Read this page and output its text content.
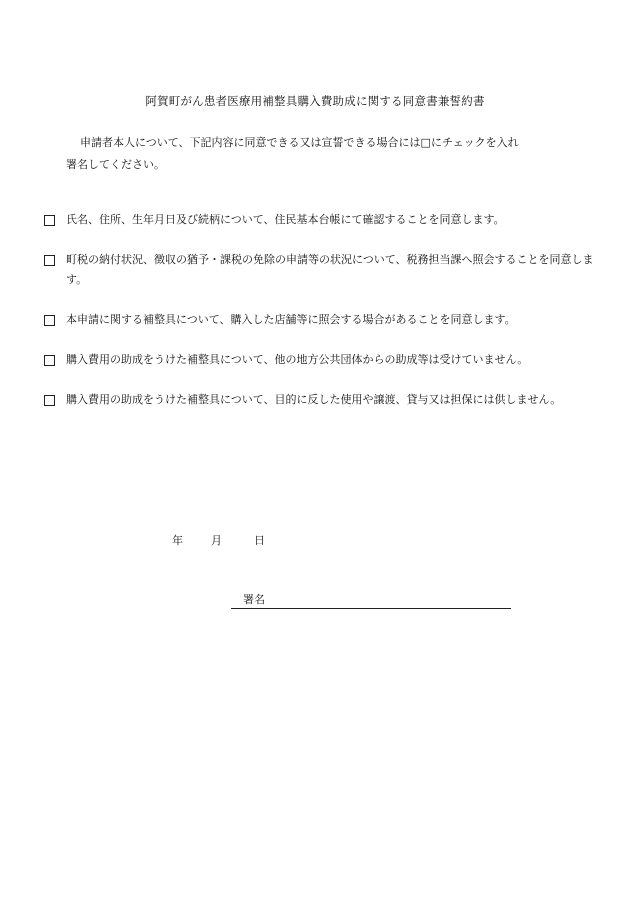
阿賀町がん患者医療用補整具購入費助成に関する同意書兼誓約書
申請者本人について、下記内容に同意できる又は宣誓できる場合には□にチェックを入れ
署名してください。
氏名、住所、生年月日及び続柄について、住民基本台帳にて確認することを同意します。
町税の納付状況、徴収の猶予・課税の免除の申請等の状況について、税務担当課へ照会することを同意します。
本申請に関する補整具について、購入した店舗等に照会する場合があることを同意します。
購入費用の助成をうけた補整具について、他の地方公共団体からの助成等は受けていません。
購入費用の助成をうけた補整具について、目的に反した使用や譲渡、貸与又は担保には供しません。
年	月	日
署名
